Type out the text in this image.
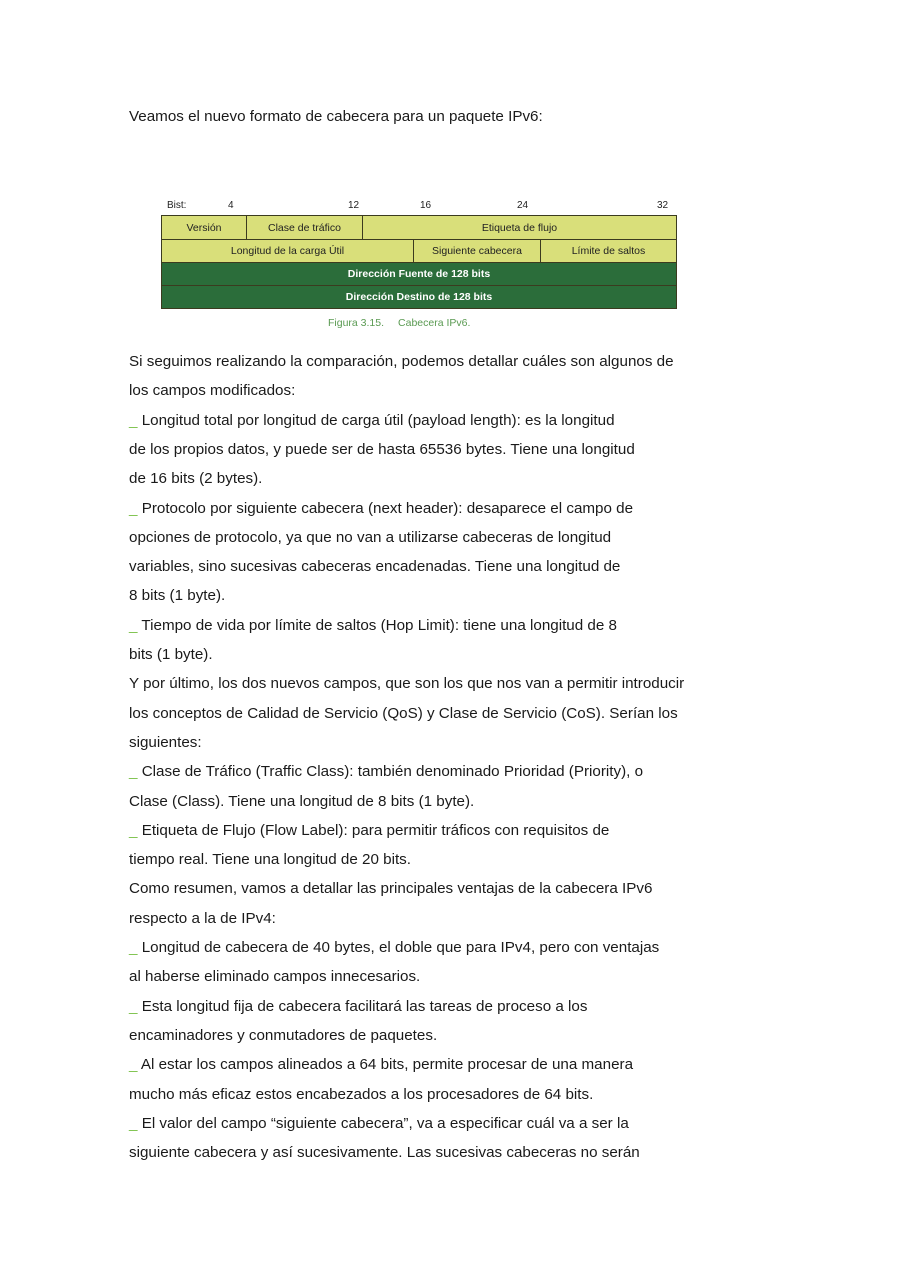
Veamos el nuevo formato de cabecera para un paquete IPv6:

Bist:	4	12	16	24	32
Versión	Clase de tráfico	Etiqueta de flujo
Longitud de la carga Útil	Siguiente cabecera	Límite de saltos
Dirección Fuente de 128 bits
Dirección Destino de 128 bits
Figura 3.15. Cabecera IPv6.

Si seguimos realizando la comparación, podemos detallar cuáles son algunos de

los campos modificados:

_ Longitud total por longitud de carga útil (payload length): es la longitud

de los propios datos, y puede ser de hasta 65536 bytes. Tiene una longitud

de 16 bits (2 bytes).

_ Protocolo por siguiente cabecera (next header): desaparece el campo de

opciones de protocolo, ya que no van a utilizarse cabeceras de longitud

variables, sino sucesivas cabeceras encadenadas. Tiene una longitud de

8 bits (1 byte).

_ Tiempo de vida por límite de saltos (Hop Limit): tiene una longitud de 8

bits (1 byte).

Y por último, los dos nuevos campos, que son los que nos van a permitir introducir

los conceptos de Calidad de Servicio (QoS) y Clase de Servicio (CoS). Serían los

siguientes:

_ Clase de Tráfico (Traffic Class): también denominado Prioridad (Priority), o

Clase (Class). Tiene una longitud de 8 bits (1 byte).

_ Etiqueta de Flujo (Flow Label): para permitir tráficos con requisitos de

tiempo real. Tiene una longitud de 20 bits.

Como resumen, vamos a detallar las principales ventajas de la cabecera IPv6

respecto a la de IPv4:

_ Longitud de cabecera de 40 bytes, el doble que para IPv4, pero con ventajas

al haberse eliminado campos innecesarios.

_ Esta longitud fija de cabecera facilitará las tareas de proceso a los

encaminadores y conmutadores de paquetes.

_ Al estar los campos alineados a 64 bits, permite procesar de una manera

mucho más eficaz estos encabezados a los procesadores de 64 bits.

_ El valor del campo “siguiente cabecera”, va a especificar cuál va a ser la

siguiente cabecera y así sucesivamente. Las sucesivas cabeceras no serán
